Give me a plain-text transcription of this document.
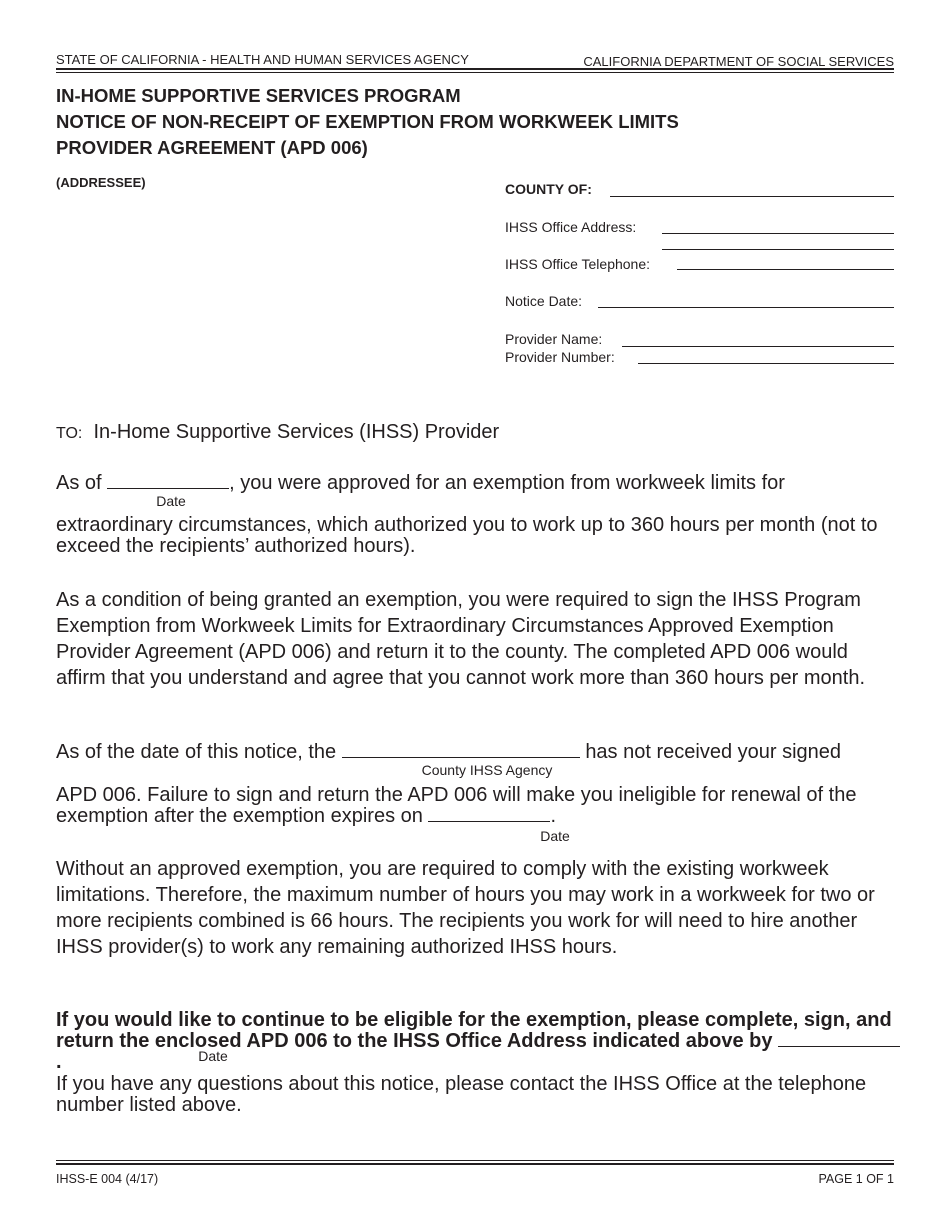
STATE OF CALIFORNIA - HEALTH AND HUMAN SERVICES AGENCY	CALIFORNIA DEPARTMENT OF SOCIAL SERVICES
IN-HOME SUPPORTIVE SERVICES PROGRAM
NOTICE OF NON-RECEIPT OF EXEMPTION FROM WORKWEEK LIMITS
PROVIDER AGREEMENT (APD 006)
(ADDRESSEE)	COUNTY OF:
IHSS Office Address:
IHSS Office Telephone:
Notice Date:
Provider Name:
Provider Number:
TO: In-Home Supportive Services (IHSS) Provider
As of	, you were approved for an exemption from workweek limits for
Date
extraordinary circumstances, which authorized you to work up to 360 hours per month (not to exceed the recipients’ authorized hours).
As a condition of being granted an exemption, you were required to sign the IHSS Program Exemption from Workweek Limits for Extraordinary Circumstances Approved Exemption Provider Agreement (APD 006) and return it to the county. The completed APD 006 would affirm that you understand and agree that you cannot work more than 360 hours per month.
As of the date of this notice, the	has not received your signed
County IHSS Agency
APD 006. Failure to sign and return the APD 006 will make you ineligible for renewal of the exemption after the exemption expires on	.
Date
Without an approved exemption, you are required to comply with the existing workweek limitations. Therefore, the maximum number of hours you may work in a workweek for two or more recipients combined is 66 hours. The recipients you work for will need to hire another IHSS provider(s) to work any remaining authorized IHSS hours.
If you would like to continue to be eligible for the exemption, please complete, sign, and return the enclosed APD 006 to the IHSS Office Address indicated above by .	Date
If you have any questions about this notice, please contact the IHSS Office at the telephone number listed above.
IHSS-E 004 (4/17)	PAGE 1 OF 1
